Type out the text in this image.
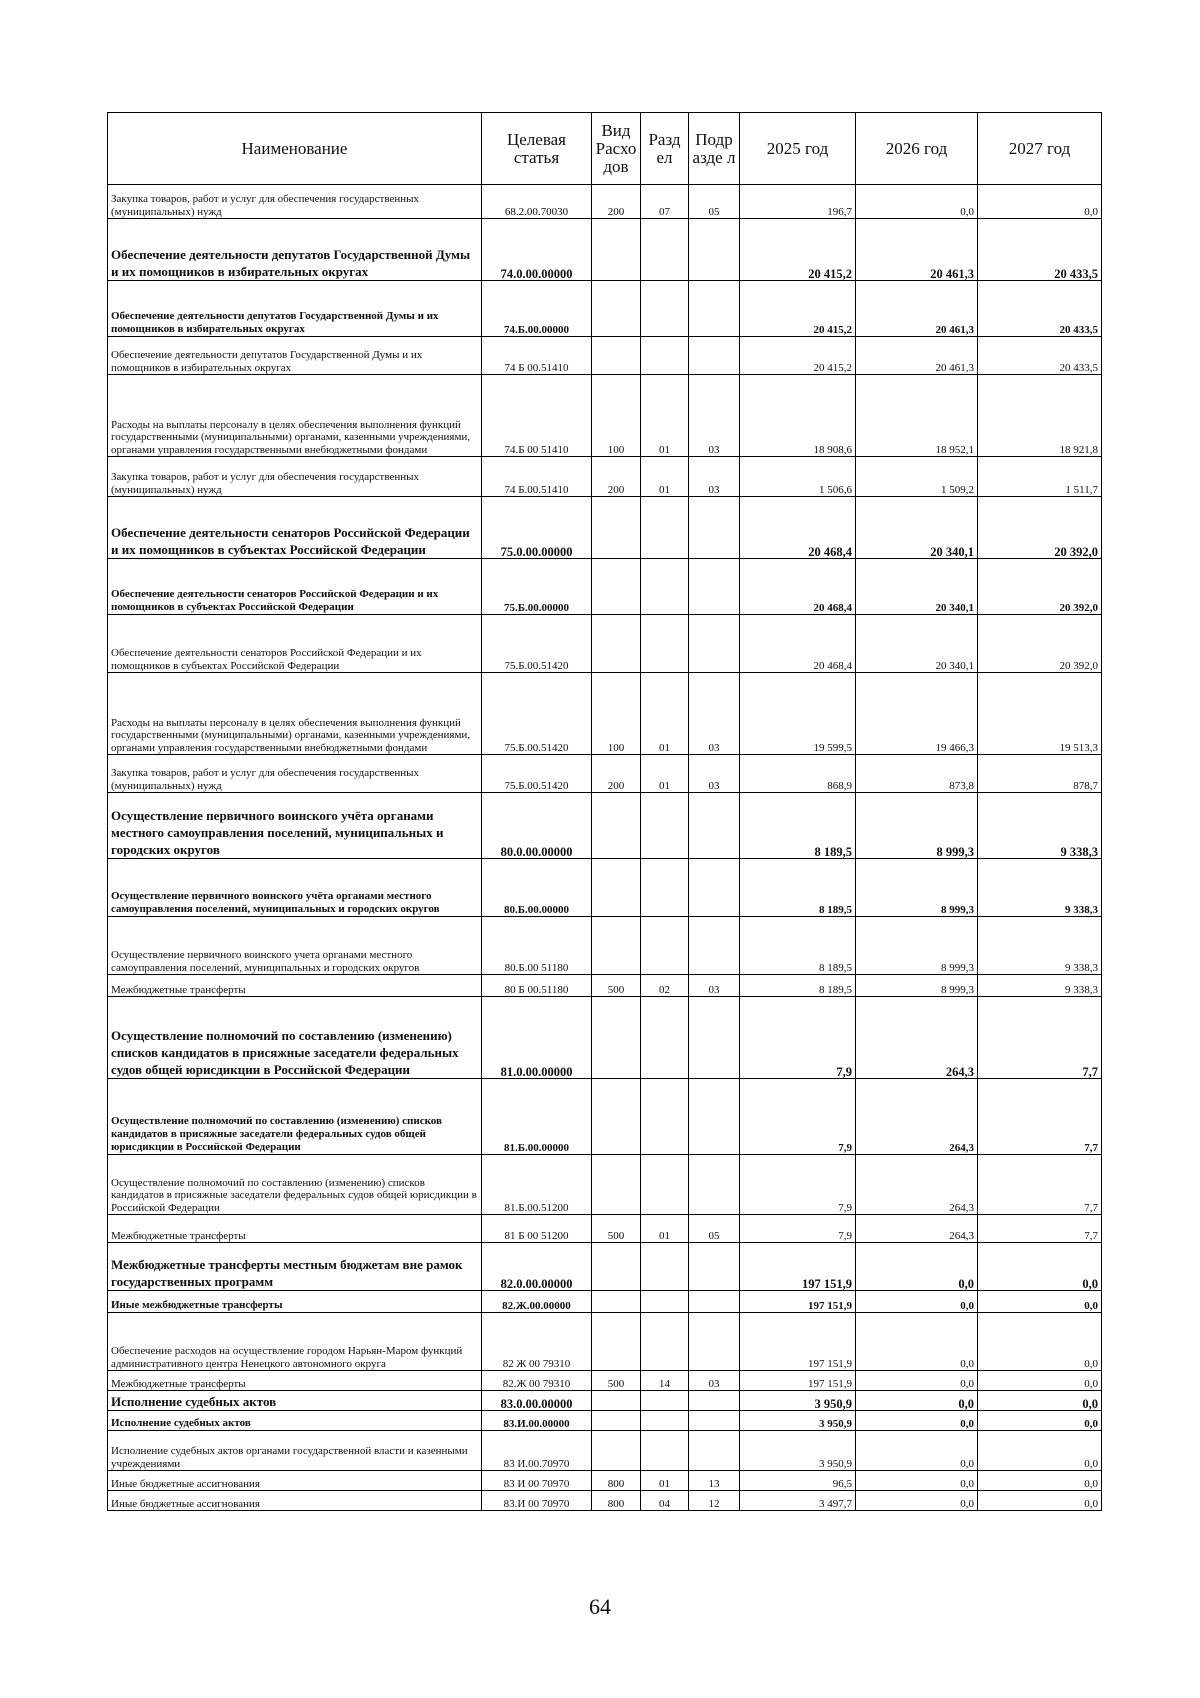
Наименование	Целевая статья	Вид Расхо дов	Разд ел	Подр азде л	2025 год	2026 год	2027 год
Закупка товаров, работ и услуг для обеспечения государственных (муниципальных) нужд	68.2.00.70030	200	07	05	196,7	0,0	0,0
Обеспечение деятельности депутатов Государственной Думы и их помощников в избирательных округах	74.0.00.00000				20 415,2	20 461,3	20 433,5
Обеспечение деятельности депутатов Государственной Думы и их помощников в избирательных округах	74.Б.00.00000				20 415,2	20 461,3	20 433,5
Обеспечение деятельности депутатов Государственной Думы и их помощников в избирательных округах	74 Б 00.51410				20 415,2	20 461,3	20 433,5
Расходы на выплаты персоналу в целях обеспечения выполнения функций государственными (муниципальными) органами, казенными учреждениями, органами управления государственными внебюджетными фондами	74.Б 00 51410	100	01	03	18 908,6	18 952,1	18 921,8
Закупка товаров, работ и услуг для обеспечения государственных (муниципальных) нужд	74 Б.00.51410	200	01	03	1 506,6	1 509,2	1 511,7
Обеспечение деятельности сенаторов Российской Федерации и их помощников в субъектах Российской Федерации	75.0.00.00000				20 468,4	20 340,1	20 392,0
Обеспечение деятельности сенаторов Российской Федерации и их помощников в субъектах Российской Федерации	75.Б.00.00000				20 468,4	20 340,1	20 392,0
Обеспечение деятельности сенаторов Российской Федерации и их помощников в субъектах Российской Федерации	75.Б.00.51420				20 468,4	20 340,1	20 392,0
Расходы на выплаты персоналу в целях обеспечения выполнения функций государственными (муниципальными) органами, казенными учреждениями, органами управления государственными внебюджетными фондами	75.Б.00.51420	100	01	03	19 599,5	19 466,3	19 513,3
Закупка товаров, работ и услуг для обеспечения государственных (муниципальных) нужд	75.Б.00.51420	200	01	03	868,9	873,8	878,7
Осуществление первичного воинского учёта органами местного самоуправления поселений, муниципальных и городских округов	80.0.00.00000				8 189,5	8 999,3	9 338,3
Осуществление первичного воинского учёта органами местного самоуправления поселений, муниципальных и городских округов	80.Б.00.00000				8 189,5	8 999,3	9 338,3
Осуществление первичного воинского учета органами местного самоуправления поселений, муниципальных и городских округов	80.Б.00 51180				8 189,5	8 999,3	9 338,3
Межбюджетные трансферты	80 Б 00.51180	500	02	03	8 189,5	8 999,3	9 338,3
Осуществление полномочий по составлению (изменению) списков кандидатов в присяжные заседатели федеральных судов общей юрисдикции в Российской Федерации	81.0.00.00000				7,9	264,3	7,7
Осуществление полномочий по составлению (изменению) списков кандидатов в присяжные заседатели федеральных судов общей юрисдикции в Российской Федерации	81.Б.00.00000				7,9	264,3	7,7
Осуществление полномочий по составлению (изменению) списков кандидатов в присяжные заседатели федеральных судов общей юрисдикции в Российской Федерации	81.Б.00.51200				7,9	264,3	7,7
Межбюджетные трансферты	81 Б 00 51200	500	01	05	7,9	264,3	7,7
Межбюджетные трансферты местным бюджетам вне рамок государственных программ	82.0.00.00000				197 151,9	0,0	0,0
Иные межбюджетные трансферты	82.Ж.00.00000				197 151,9	0,0	0,0
Обеспечение расходов на осуществление городом Нарьян-Маром функций административного центра Ненецкого автономного округа	82 Ж 00 79310				197 151,9	0,0	0,0
Межбюджетные трансферты	82.Ж 00 79310	500	14	03	197 151,9	0,0	0,0
Исполнение судебных актов	83.0.00.00000				3 950,9	0,0	0,0
Исполнение судебных актов	83.И.00.00000				3 950,9	0,0	0,0
Исполнение судебных актов органами государственной власти и казенными учреждениями	83 И.00.70970				3 950,9	0,0	0,0
Иные бюджетные ассигнования	83 И 00 70970	800	01	13	96,5	0,0	0,0
Иные бюджетные ассигнования	83.И 00 70970	800	04	12	3 497,7	0,0	0,0
64
